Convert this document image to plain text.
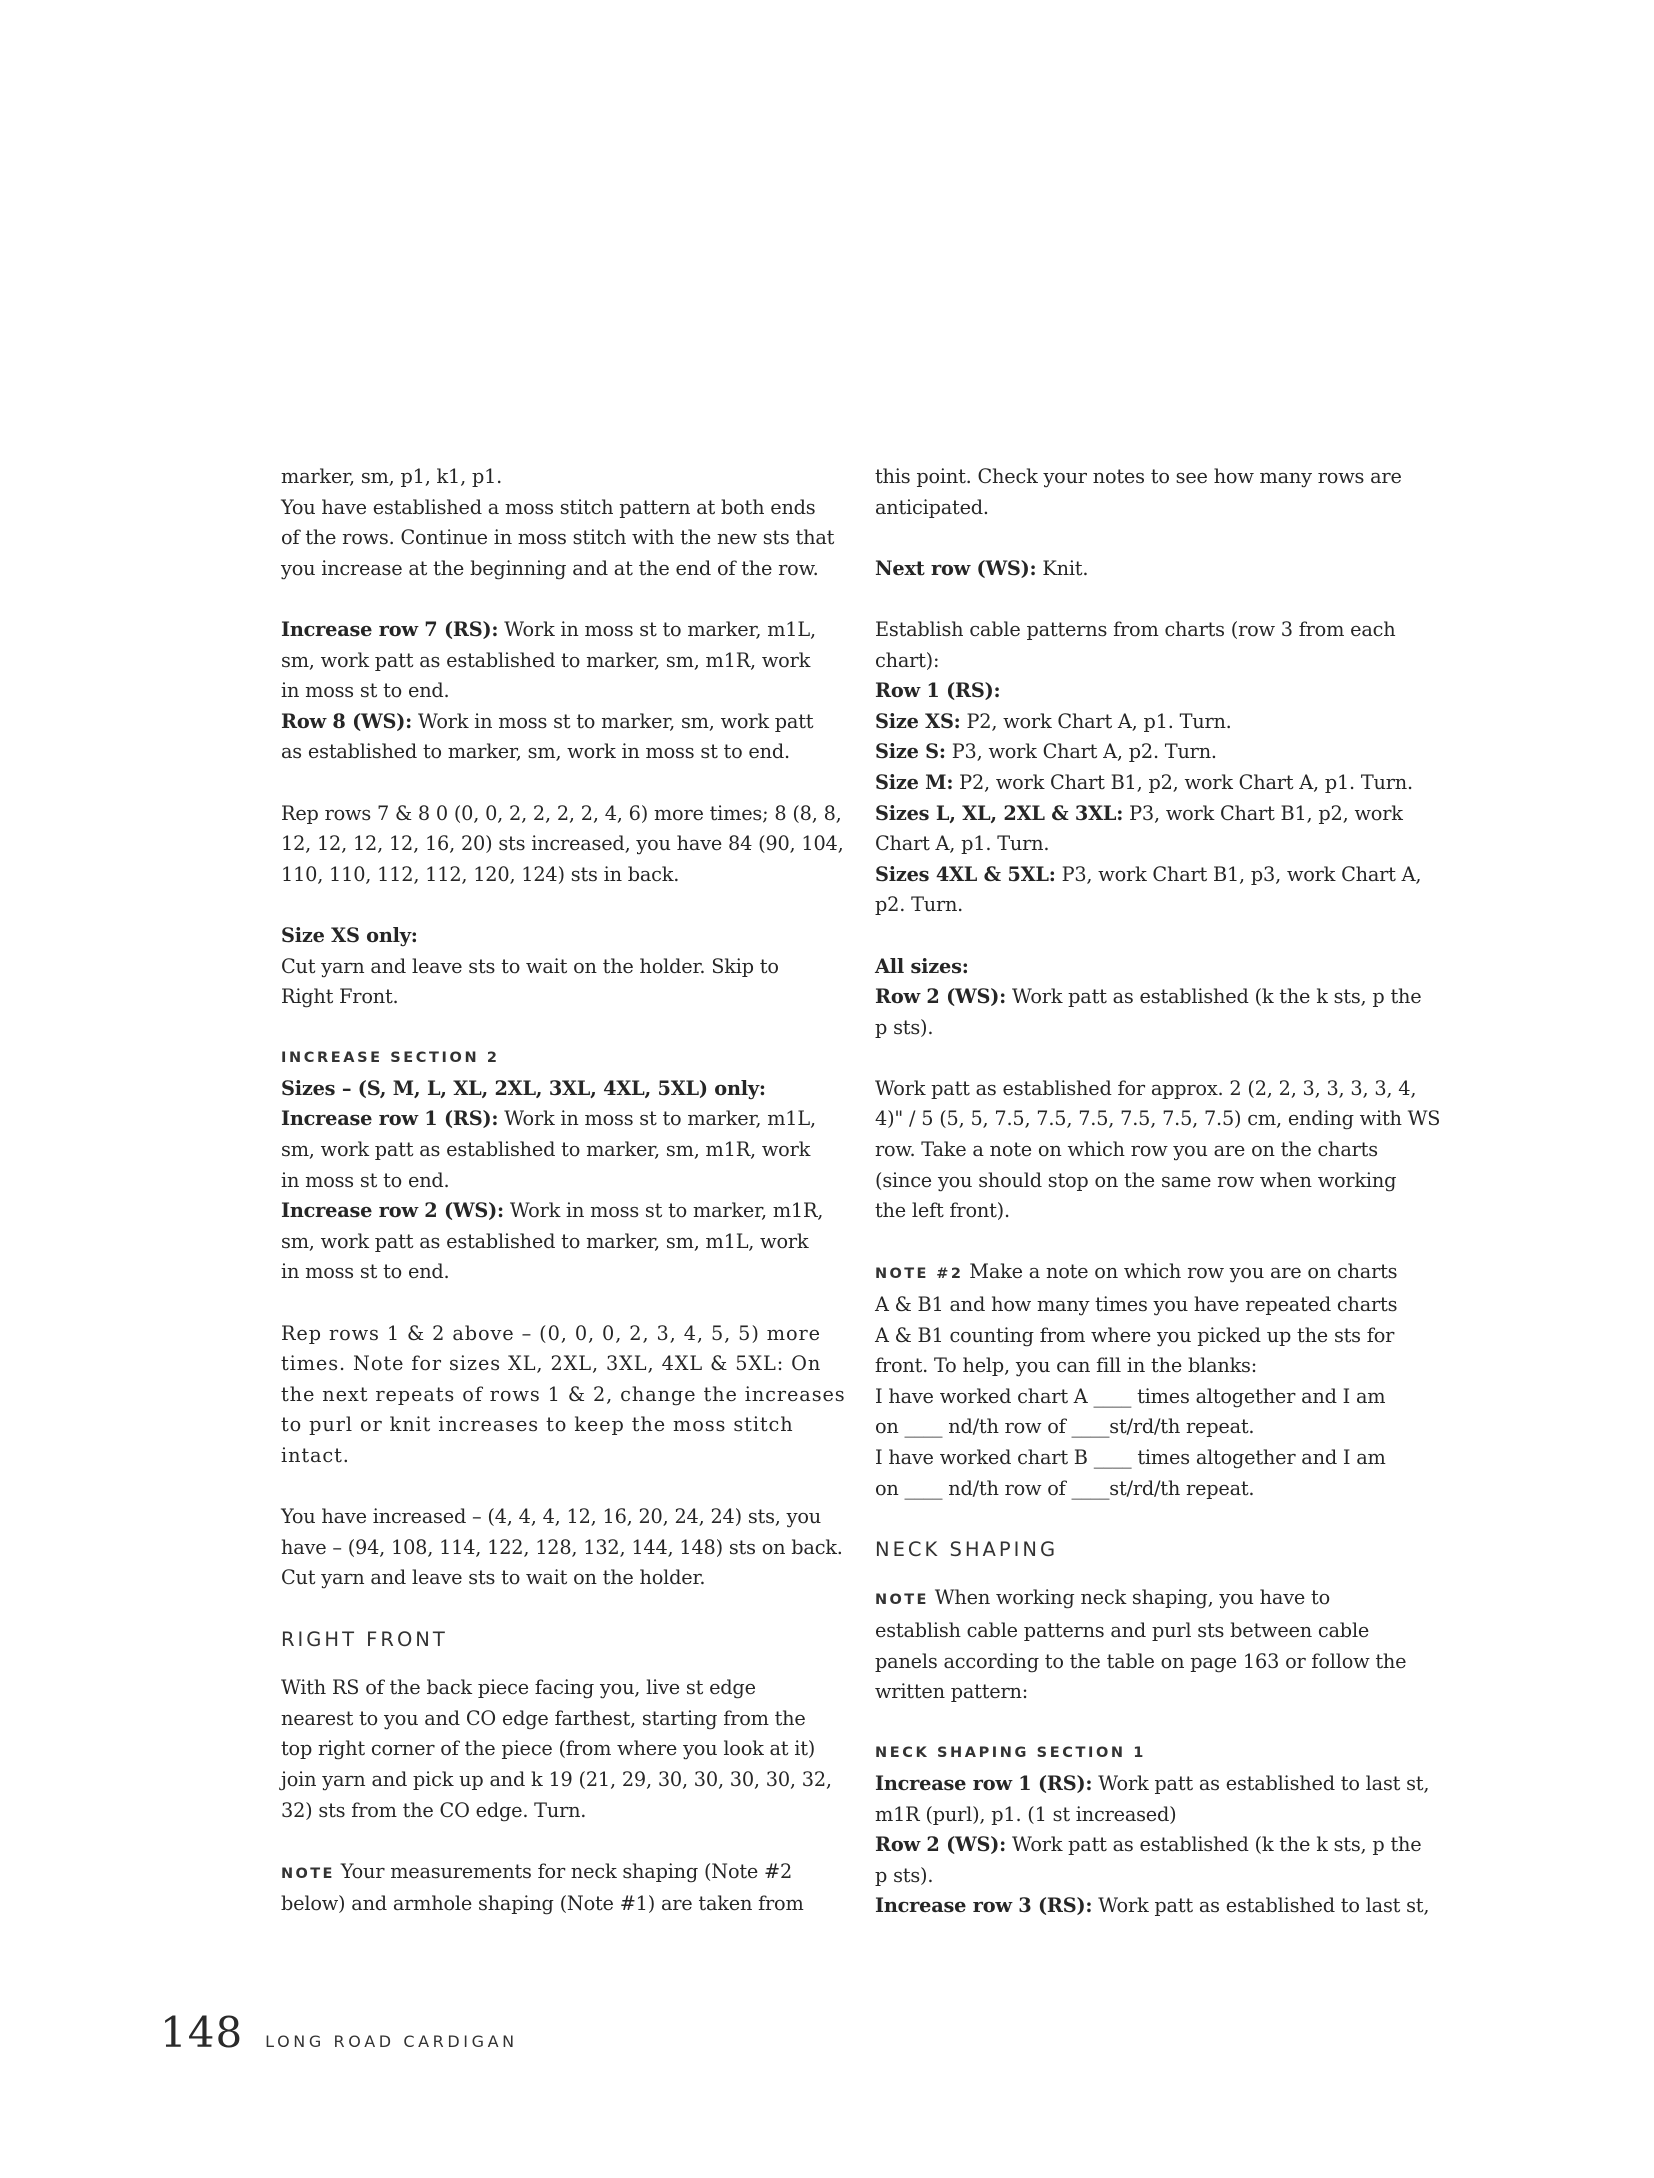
marker, sm, p1, k1, p1.
You have established a moss stitch pattern at both ends
of the rows. Continue in moss stitch with the new sts that
you increase at the beginning and at the end of the row.

Increase row 7 (RS): Work in moss st to marker, m1L,
sm, work patt as established to marker, sm, m1R, work
in moss st to end.
Row 8 (WS): Work in moss st to marker, sm, work patt
as established to marker, sm, work in moss st to end.

Rep rows 7 & 8 0 (0, 0, 2, 2, 2, 2, 4, 6) more times; 8 (8, 8,
12, 12, 12, 12, 16, 20) sts increased, you have 84 (90, 104,
110, 110, 112, 112, 120, 124) sts in back.

Size XS only:
Cut yarn and leave sts to wait on the holder. Skip to
Right Front.

INCREASE SECTION 2
Sizes – (S, M, L, XL, 2XL, 3XL, 4XL, 5XL) only:
Increase row 1 (RS): Work in moss st to marker, m1L,
sm, work patt as established to marker, sm, m1R, work
in moss st to end.
Increase row 2 (WS): Work in moss st to marker, m1R,
sm, work patt as established to marker, sm, m1L, work
in moss st to end.

Rep rows 1 & 2 above – (0, 0, 0, 2, 3, 4, 5, 5) more
times. Note for sizes XL, 2XL, 3XL, 4XL & 5XL: On
the next repeats of rows 1 & 2, change the increases
to purl or knit increases to keep the moss stitch
intact.

You have increased – (4, 4, 4, 12, 16, 20, 24, 24) sts, you
have – (94, 108, 114, 122, 128, 132, 144, 148) sts on back.
Cut yarn and leave sts to wait on the holder.

RIGHT FRONT

With RS of the back piece facing you, live st edge
nearest to you and CO edge farthest, starting from the
top right corner of the piece (from where you look at it)
join yarn and pick up and k 19 (21, 29, 30, 30, 30, 30, 32,
32) sts from the CO edge. Turn.

NOTE Your measurements for neck shaping (Note #2
below) and armhole shaping (Note #1) are taken from

this point. Check your notes to see how many rows are
anticipated.

Next row (WS): Knit.

Establish cable patterns from charts (row 3 from each
chart):
Row 1 (RS):
Size XS: P2, work Chart A, p1. Turn.
Size S: P3, work Chart A, p2. Turn.
Size M: P2, work Chart B1, p2, work Chart A, p1. Turn.
Sizes L, XL, 2XL & 3XL: P3, work Chart B1, p2, work
Chart A, p1. Turn.
Sizes 4XL & 5XL: P3, work Chart B1, p3, work Chart A,
p2. Turn.

All sizes:
Row 2 (WS): Work patt as established (k the k sts, p the
p sts).

Work patt as established for approx. 2 (2, 2, 3, 3, 3, 3, 4,
4)" / 5 (5, 5, 7.5, 7.5, 7.5, 7.5, 7.5, 7.5) cm, ending with WS
row. Take a note on which row you are on the charts
(since you should stop on the same row when working
the left front).

NOTE #2 Make a note on which row you are on charts
A & B1 and how many times you have repeated charts
A & B1 counting from where you picked up the sts for
front. To help, you can fill in the blanks:
I have worked chart A ____ times altogether and I am
on ____ nd/th row of ____st/rd/th repeat.
I have worked chart B ____ times altogether and I am
on ____ nd/th row of ____st/rd/th repeat.

NECK SHAPING

NOTE When working neck shaping, you have to
establish cable patterns and purl sts between cable
panels according to the table on page 163 or follow the
written pattern:

NECK SHAPING SECTION 1
Increase row 1 (RS): Work patt as established to last st,
m1R (purl), p1. (1 st increased)
Row 2 (WS): Work patt as established (k the k sts, p the
p sts).
Increase row 3 (RS): Work patt as established to last st,

148 LONG ROAD CARDIGAN
